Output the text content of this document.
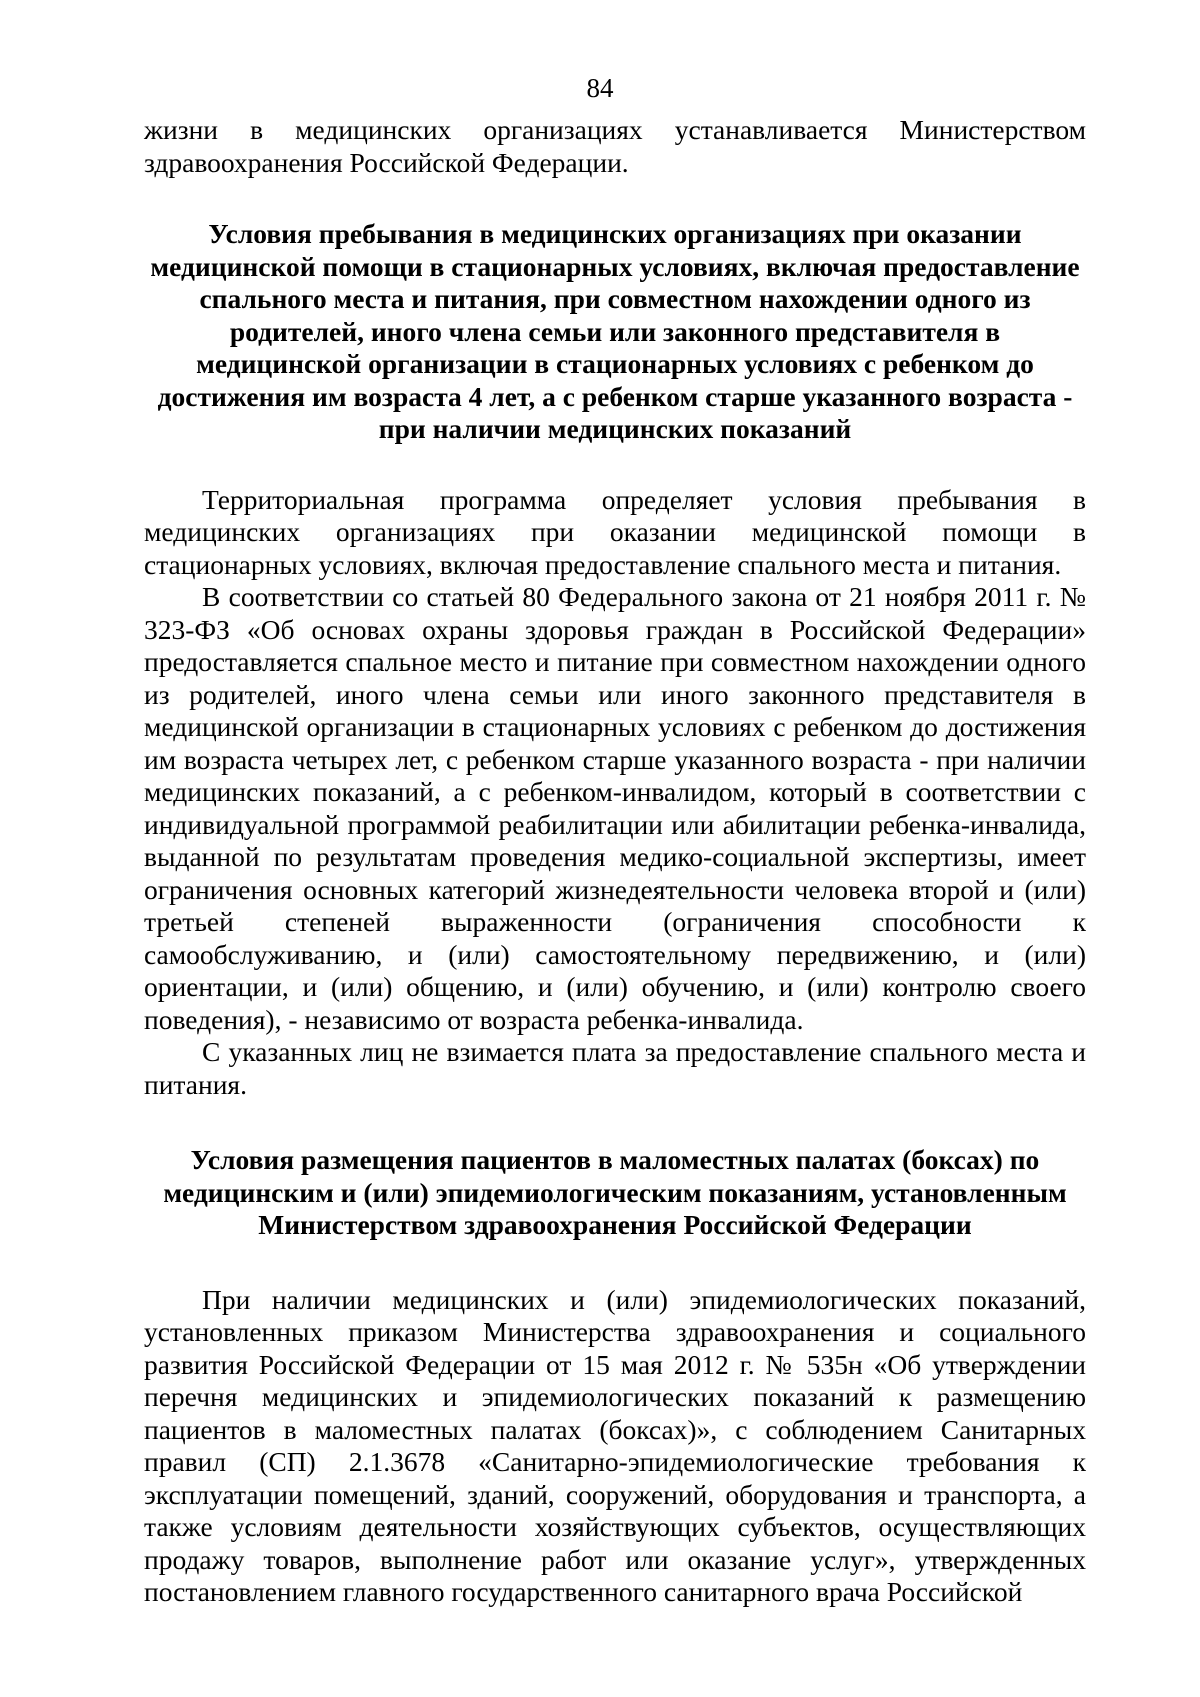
84

жизни в медицинских организациях устанавливается Министерством здравоохранения Российской Федерации.

Условия пребывания в медицинских организациях при оказании медицинской помощи в стационарных условиях, включая предоставление спального места и питания, при совместном нахождении одного из родителей, иного члена семьи или законного представителя в медицинской организации в стационарных условиях с ребенком до достижения им возраста 4 лет, а с ребенком старше указанного возраста - при наличии медицинских показаний

Территориальная программа определяет условия пребывания в медицинских организациях при оказании медицинской помощи в стационарных условиях, включая предоставление спального места и питания.

В соответствии со статьей 80 Федерального закона от 21 ноября 2011 г. № 323-ФЗ «Об основах охраны здоровья граждан в Российской Федерации» предоставляется спальное место и питание при совместном нахождении одного из родителей, иного члена семьи или иного законного представителя в медицинской организации в стационарных условиях с ребенком до достижения им возраста четырех лет, с ребенком старше указанного возраста - при наличии медицинских показаний, а с ребенком-инвалидом, который в соответствии с индивидуальной программой реабилитации или абилитации ребенка-инвалида, выданной по результатам проведения медико-социальной экспертизы, имеет ограничения основных категорий жизнедеятельности человека второй и (или) третьей степеней выраженности (ограничения способности к самообслуживанию, и (или) самостоятельному передвижению, и (или) ориентации, и (или) общению, и (или) обучению, и (или) контролю своего поведения), - независимо от возраста ребенка-инвалида.

С указанных лиц не взимается плата за предоставление спального места и питания.

Условия размещения пациентов в маломестных палатах (боксах) по медицинским и (или) эпидемиологическим показаниям, установленным Министерством здравоохранения Российской Федерации

При наличии медицинских и (или) эпидемиологических показаний, установленных приказом Министерства здравоохранения и социального развития Российской Федерации от 15 мая 2012 г. № 535н «Об утверждении перечня медицинских и эпидемиологических показаний к размещению пациентов в маломестных палатах (боксах)», с соблюдением Санитарных правил (СП) 2.1.3678 «Санитарно-эпидемиологические требования к эксплуатации помещений, зданий, сооружений, оборудования и транспорта, а также условиям деятельности хозяйствующих субъектов, осуществляющих продажу товаров, выполнение работ или оказание услуг», утвержденных постановлением главного государственного санитарного врача Российской
